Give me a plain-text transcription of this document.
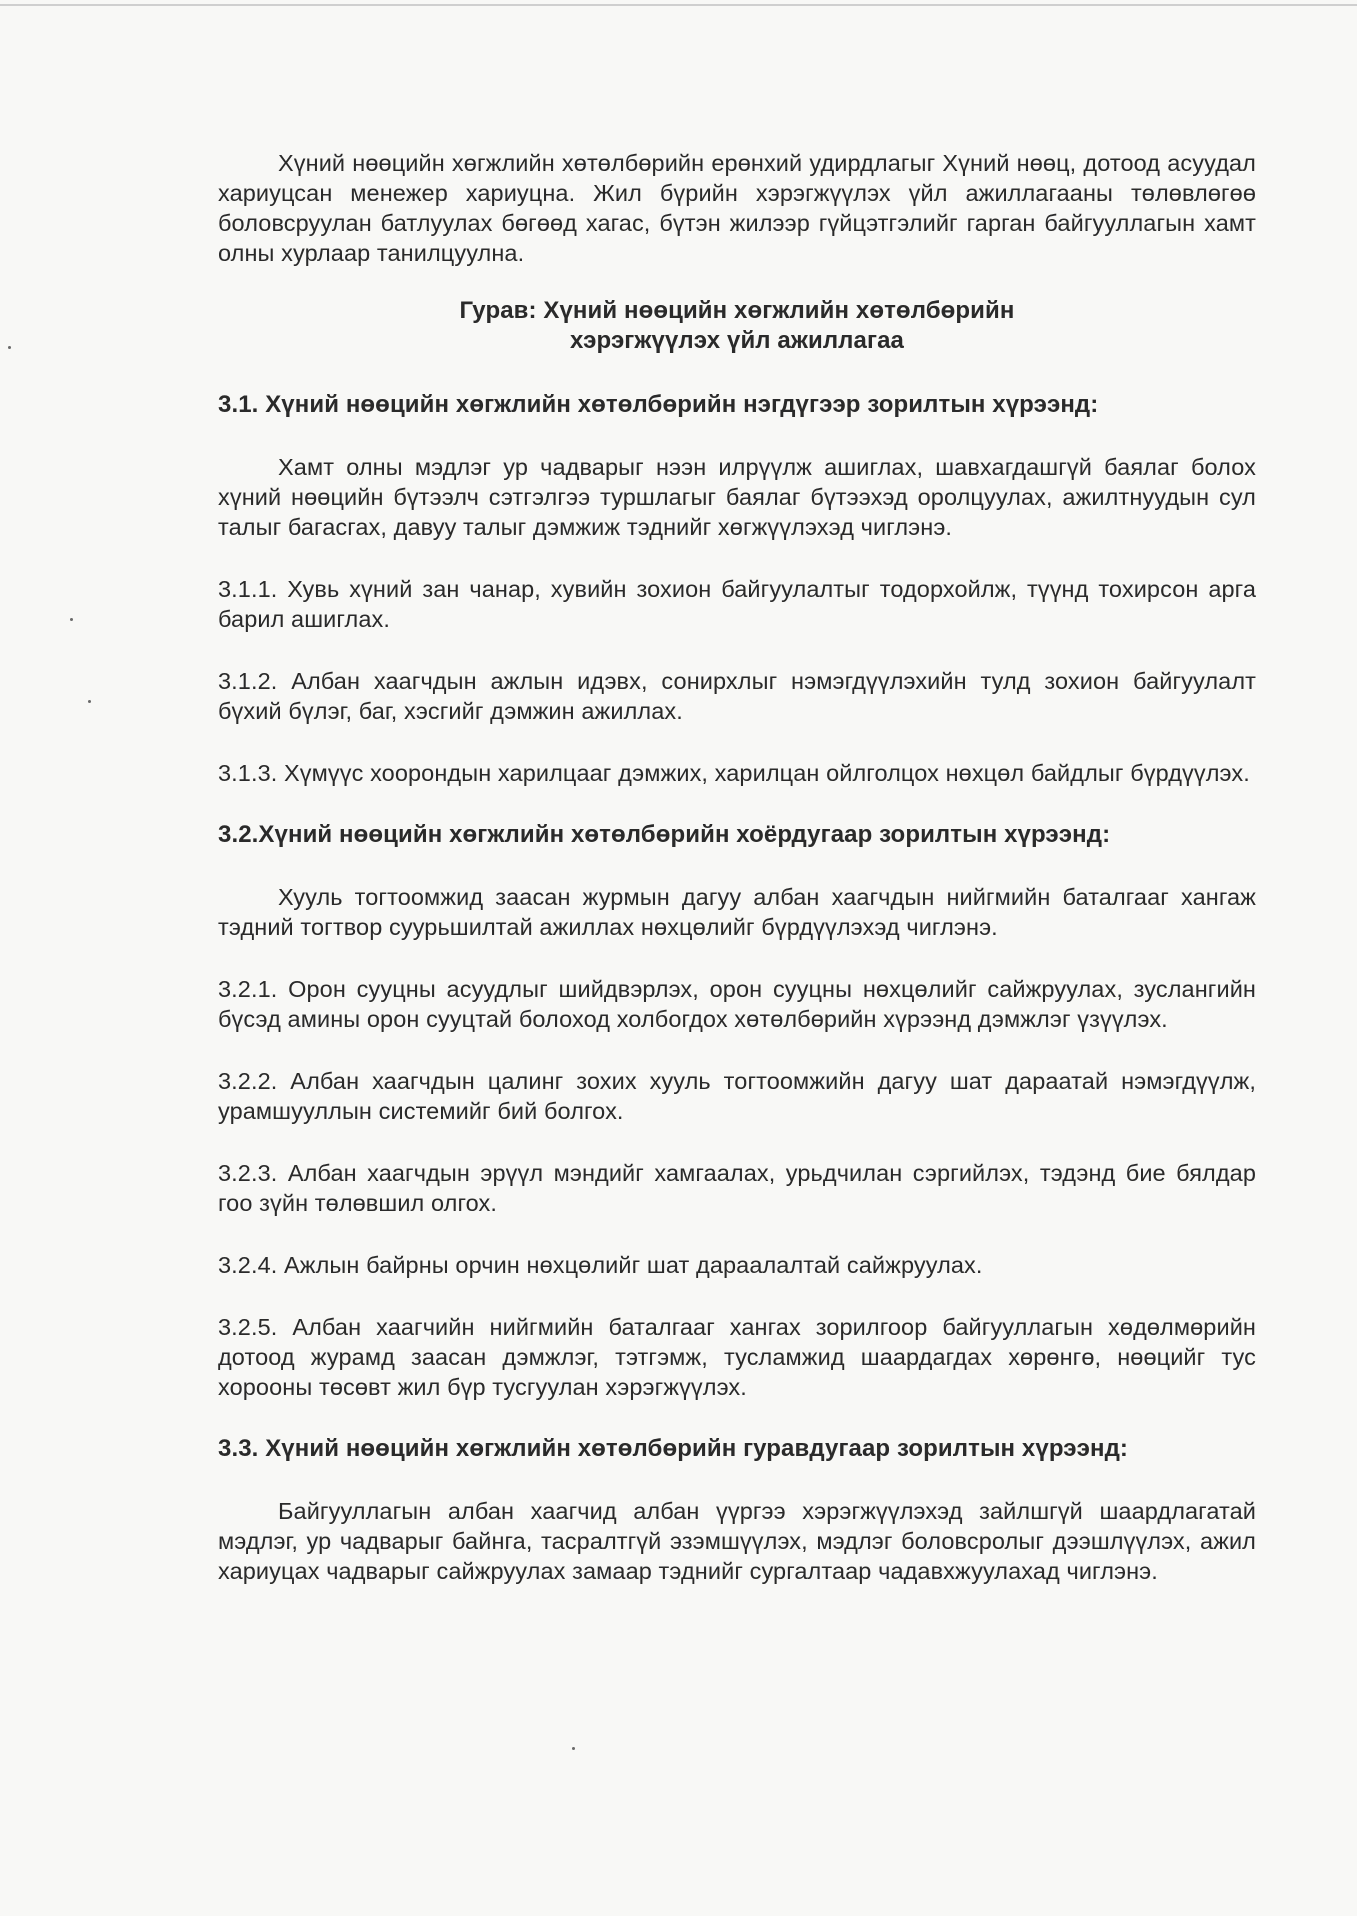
Хүний нөөцийн хөгжлийн хөтөлбөрийн ерөнхий удирдлагыг Хүний нөөц, дотоод асуудал хариуцсан менежер хариуцна. Жил бүрийн хэрэгжүүлэх үйл ажиллагааны төлөвлөгөө боловсруулан батлуулах бөгөөд хагас, бүтэн жилээр гүйцэтгэлийг гарган байгууллагын хамт олны хурлаар танилцуулна.

Гурав: Хүний нөөцийн хөгжлийн хөтөлбөрийн

хэрэгжүүлэх үйл ажиллагаа

3.1. Хүний нөөцийн хөгжлийн хөтөлбөрийн нэгдүгээр зорилтын хүрээнд:

Хамт олны мэдлэг ур чадварыг нээн илрүүлж ашиглах, шавхагдашгүй баялаг болох хүний нөөцийн бүтээлч сэтгэлгээ туршлагыг баялаг бүтээхэд оролцуулах, ажилтнуудын сул талыг багасгах, давуу талыг дэмжиж тэднийг хөгжүүлэхэд чиглэнэ.

3.1.1. Хувь хүний зан чанар, хувийн зохион байгуулалтыг тодорхойлж, түүнд тохирсон арга барил ашиглах.

3.1.2. Албан хаагчдын ажлын идэвх, сонирхлыг нэмэгдүүлэхийн тулд зохион байгуулалт бүхий бүлэг, баг, хэсгийг дэмжин ажиллах.

3.1.3. Хүмүүс хоорондын харилцааг дэмжих, харилцан ойлголцох нөхцөл байдлыг бүрдүүлэх.

3.2.Хүний нөөцийн хөгжлийн хөтөлбөрийн хоёрдугаар зорилтын хүрээнд:

Хууль тогтоомжид заасан журмын дагуу албан хаагчдын нийгмийн баталгааг хангаж тэдний тогтвор суурьшилтай ажиллах нөхцөлийг бүрдүүлэхэд чиглэнэ.

3.2.1. Орон сууцны асуудлыг шийдвэрлэх, орон сууцны нөхцөлийг сайжруулах, зуслангийн бүсэд амины орон сууцтай болоход холбогдох хөтөлбөрийн хүрээнд дэмжлэг үзүүлэх.

3.2.2. Албан хаагчдын цалинг зохих хууль тогтоомжийн дагуу шат дараатай нэмэгдүүлж, урамшууллын системийг бий болгох.

3.2.3. Албан хаагчдын эрүүл мэндийг хамгаалах, урьдчилан сэргийлэх, тэдэнд бие бялдар гоо зүйн төлөвшил олгох.

3.2.4. Ажлын байрны орчин нөхцөлийг шат дараалалтай сайжруулах.

3.2.5. Албан хаагчийн нийгмийн баталгааг хангах зорилгоор байгууллагын хөдөлмөрийн дотоод журамд заасан дэмжлэг, тэтгэмж, тусламжид шаардагдах хөрөнгө, нөөцийг тус хорооны төсөвт жил бүр тусгуулан хэрэгжүүлэх.

3.3. Хүний нөөцийн хөгжлийн хөтөлбөрийн гуравдугаар зорилтын хүрээнд:

Байгууллагын албан хаагчид албан үүргээ хэрэгжүүлэхэд зайлшгүй шаардлагатай мэдлэг, ур чадварыг байнга, тасралтгүй эзэмшүүлэх, мэдлэг боловсролыг дээшлүүлэх, ажил хариуцах чадварыг сайжруулах замаар тэднийг сургалтаар чадавхжуулахад чиглэнэ.
